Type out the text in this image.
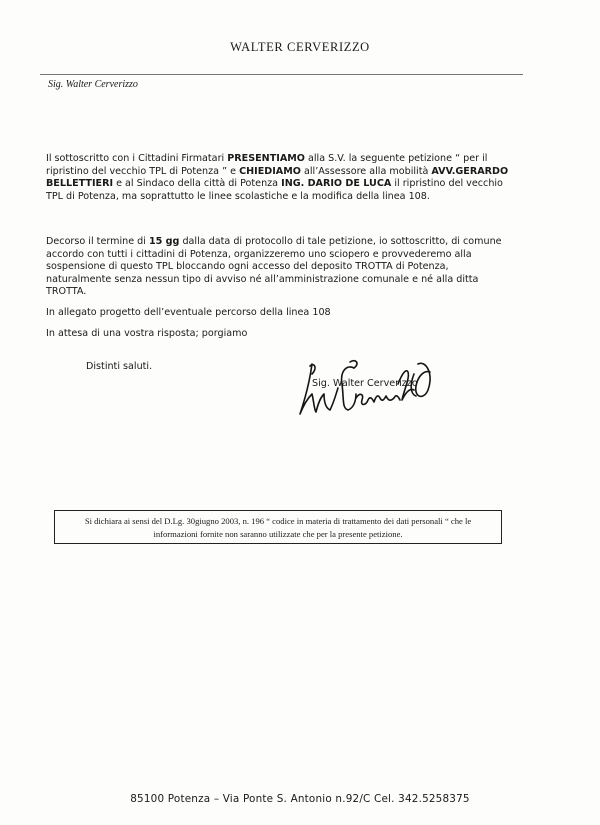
WALTER CERVERIZZO
Sig. Walter Cerverizzo

Il sottoscritto con i Cittadini Firmatari PRESENTIAMO alla S.V. la seguente petizione “ per il ripristino del vecchio TPL di Potenza ” e CHIEDIAMO all’Assessore alla mobilità AVV.GERARDO BELLETTIERI e al Sindaco della città di Potenza ING. DARIO DE LUCA il ripristino del vecchio TPL di Potenza, ma soprattutto le linee scolastiche e la modifica della linea 108.

Decorso il termine di 15 gg dalla data di protocollo di tale petizione, io sottoscritto, di comune accordo con tutti i cittadini di Potenza, organizzeremo uno sciopero e provvederemo alla sospensione di questo TPL bloccando ogni accesso del deposito TROTTA di Potenza, naturalmente senza nessun tipo di avviso né all’amministrazione comunale e né alla ditta TROTTA.

In allegato progetto dell’eventuale percorso della linea 108

In attesa di una vostra risposta; porgiamo

Distinti saluti.
Sig. Walter Cerverizzo
Si dichiara ai sensi del D.Lg. 30giugno 2003, n. 196 “ codice in materia di trattamento dei dati personali “ che le
informazioni fornite non saranno utilizzate che per la presente petizione.
85100 Potenza – Via Ponte S. Antonio n.92/C Cel. 342.5258375
